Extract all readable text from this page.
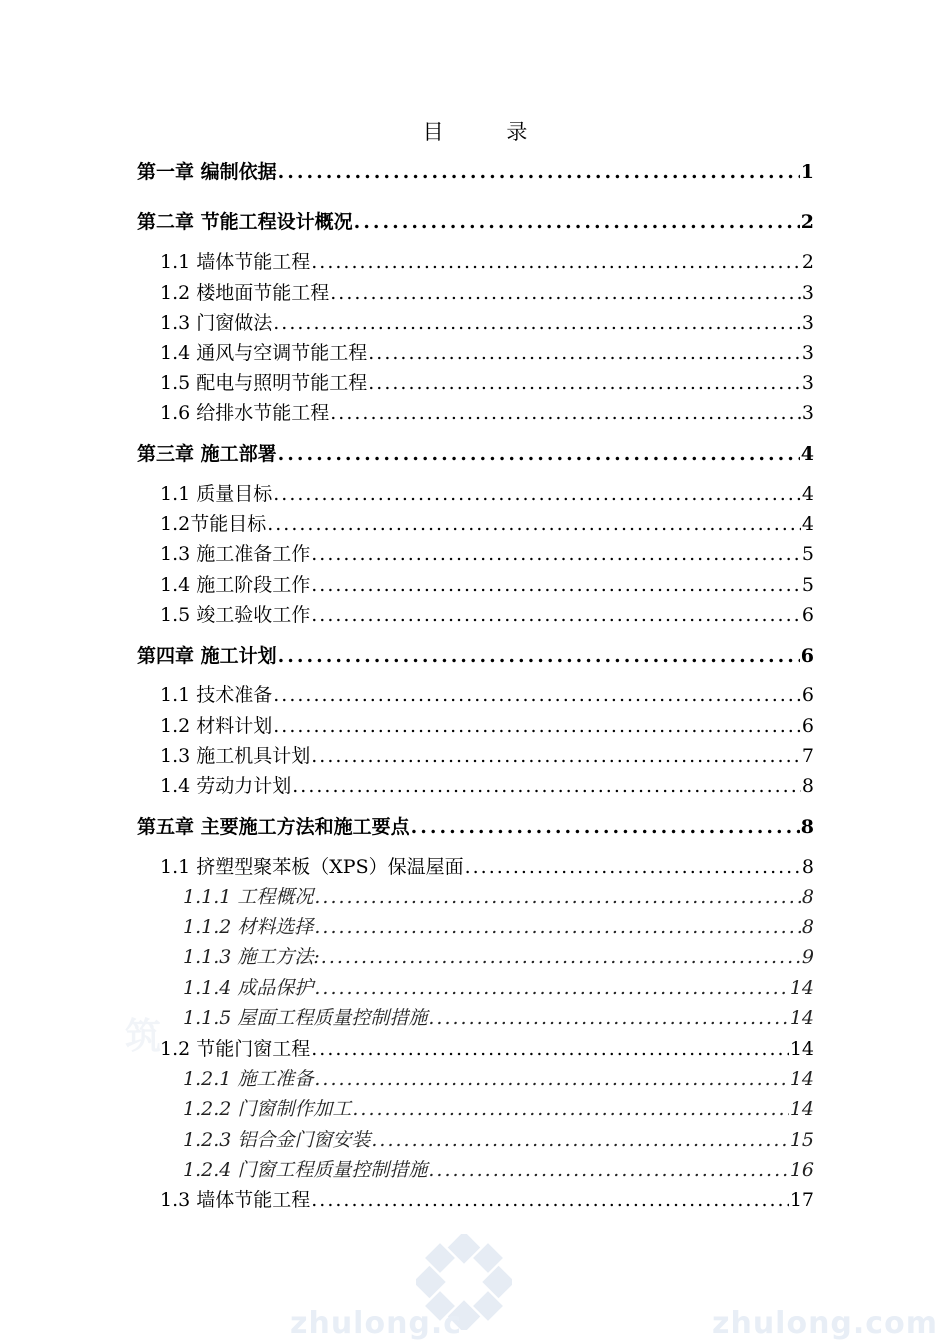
目 录
第一章 编制依据 .....	1
第二章 节能工程设计概况 .....	2
1.1 墙体节能工程 .....	2
1.2 楼地面节能工程 .....	3
1.3 门窗做法 .....	3
1.4 通风与空调节能工程 .....	3
1.5 配电与照明节能工程 .....	3
1.6 给排水节能工程 .....	3
第三章 施工部署 .....	4
1.1 质量目标 .....	4
1.2节能目标 .....	4
1.3 施工准备工作 .....	5
1.4 施工阶段工作 .....	5
1.5 竣工验收工作 .....	6
第四章 施工计划 .....	6
1.1 技术准备 .....	6
1.2 材料计划 .....	6
1.3 施工机具计划 .....	7
1.4 劳动力计划 .....	8
第五章 主要施工方法和施工要点 .....	8
1.1 挤塑型聚苯板（XPS）保温屋面 .....	8
1.1.1 工程概况 .....	8
1.1.2 材料选择 .....	8
1.1.3 施工方法: .....	9
1.1.4 成品保护 .....	14
1.1.5 屋面工程质量控制措施 .....	14
1.2 节能门窗工程 .....	14
1.2.1 施工准备 .....	14
1.2.2 门窗制作加工 .....	14
1.2.3 铝合金门窗安装 .....	15
1.2.4 门窗工程质量控制措施 .....	16
1.3 墙体节能工程 .....	17
筑
zhulong.c	zhulong.com
